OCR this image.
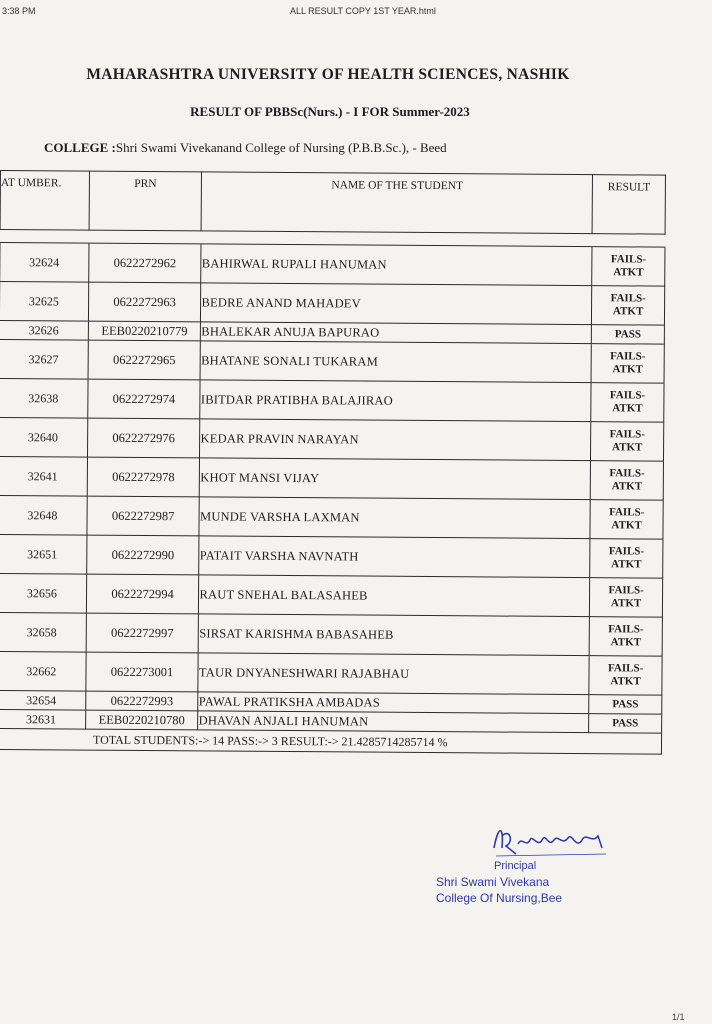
3:38 PM	ALL RESULT COPY 1ST YEAR.html
MAHARASHTRA UNIVERSITY OF HEALTH SCIENCES, NASHIK
RESULT OF PBBSc(Nurs.) - I FOR Summer-2023
COLLEGE :Shri Swami Vivekanand College of Nursing (P.B.B.Sc.), - Beed
AT UMBER.	PRN	NAME OF THE STUDENT	RESULT

32624	0622272962	BAHIRWAL RUPALI HANUMAN	FAILS-
ATKT

32625	0622272963	BEDRE ANAND MAHADEV	FAILS-
ATKT

32626	EEB0220210779	BHALEKAR ANUJA BAPURAO	PASS

32627	0622272965	BHATANE SONALI TUKARAM	FAILS-
ATKT

32638	0622272974	IBITDAR PRATIBHA BALAJIRAO	FAILS-
ATKT

32640	0622272976	KEDAR PRAVIN NARAYAN	FAILS-
ATKT

32641	0622272978	KHOT MANSI VIJAY	FAILS-
ATKT

32648	0622272987	MUNDE VARSHA LAXMAN	FAILS-
ATKT

32651	0622272990	PATAIT VARSHA NAVNATH	FAILS-
ATKT

32656	0622272994	RAUT SNEHAL BALASAHEB	FAILS-
ATKT

32658	0622272997	SIRSAT KARISHMA BABASAHEB	FAILS-
ATKT

32662	0622273001	TAUR DNYANESHWARI RAJABHAU	FAILS-
ATKT

32654	0622272993	PAWAL PRATIKSHA AMBADAS	PASS

32631	EEB0220210780	DHAVAN ANJALI HANUMAN	PASS

TOTAL STUDENTS:-> 14 PASS:-> 3 RESULT:-> 21.4285714285714 %			
Principal
Shri Swami Vivekana
College Of Nursing,Bee
1/1
